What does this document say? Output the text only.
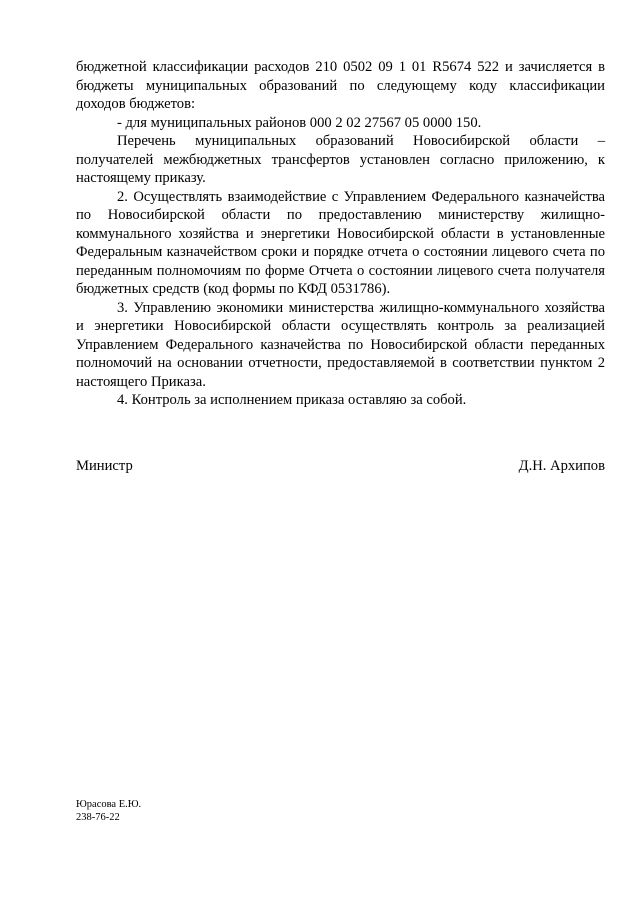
бюджетной классификации расходов 210 0502 09 1 01 R5674 522 и зачисляется в бюджеты муниципальных образований по следующему коду классификации доходов бюджетов:

- для муниципальных районов 000 2 02 27567 05 0000 150.

Перечень муниципальных образований Новосибирской области – получателей межбюджетных трансфертов установлен согласно приложению, к настоящему приказу.

2. Осуществлять взаимодействие с Управлением Федерального казначейства по Новосибирской области по предоставлению министерству жилищно-коммунального хозяйства и энергетики Новосибирской области в установленные Федеральным казначейством сроки и порядке отчета о состоянии лицевого счета по переданным полномочиям по форме Отчета о состоянии лицевого счета получателя бюджетных средств (код формы по КФД 0531786).

3. Управлению экономики министерства жилищно-коммунального хозяйства и энергетики Новосибирской области осуществлять контроль за реализацией Управлением Федерального казначейства по Новосибирской области переданных полномочий на основании отчетности, предоставляемой в соответствии пунктом 2 настоящего Приказа.

4. Контроль за исполнением приказа оставляю за собой.

Министр	Д.Н. Архипов
Юрасова Е.Ю.
238-76-22
